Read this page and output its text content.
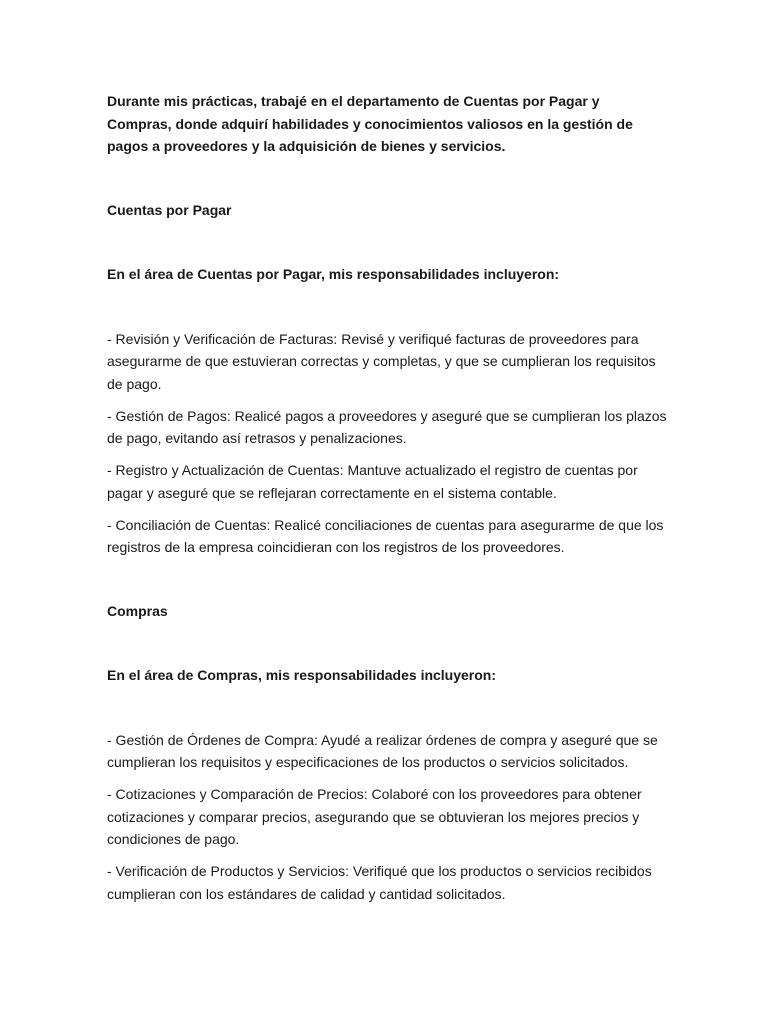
Durante mis prácticas, trabajé en el departamento de Cuentas por Pagar y Compras, donde adquirí habilidades y conocimientos valiosos en la gestión de pagos a proveedores y la adquisición de bienes y servicios.

Cuentas por Pagar

En el área de Cuentas por Pagar, mis responsabilidades incluyeron:

- Revisión y Verificación de Facturas: Revisé y verifiqué facturas de proveedores para asegurarme de que estuvieran correctas y completas, y que se cumplieran los requisitos de pago.

- Gestión de Pagos: Realicé pagos a proveedores y aseguré que se cumplieran los plazos de pago, evitando así retrasos y penalizaciones.

- Registro y Actualización de Cuentas: Mantuve actualizado el registro de cuentas por pagar y aseguré que se reflejaran correctamente en el sistema contable.

- Conciliación de Cuentas: Realicé conciliaciones de cuentas para asegurarme de que los registros de la empresa coincidieran con los registros de los proveedores.

Compras

En el área de Compras, mis responsabilidades incluyeron:

- Gestión de Órdenes de Compra: Ayudé a realizar órdenes de compra y aseguré que se cumplieran los requisitos y especificaciones de los productos o servicios solicitados.

- Cotizaciones y Comparación de Precios: Colaboré con los proveedores para obtener cotizaciones y comparar precios, asegurando que se obtuvieran los mejores precios y condiciones de pago.

- Verificación de Productos y Servicios: Verifiqué que los productos o servicios recibidos cumplieran con los estándares de calidad y cantidad solicitados.
